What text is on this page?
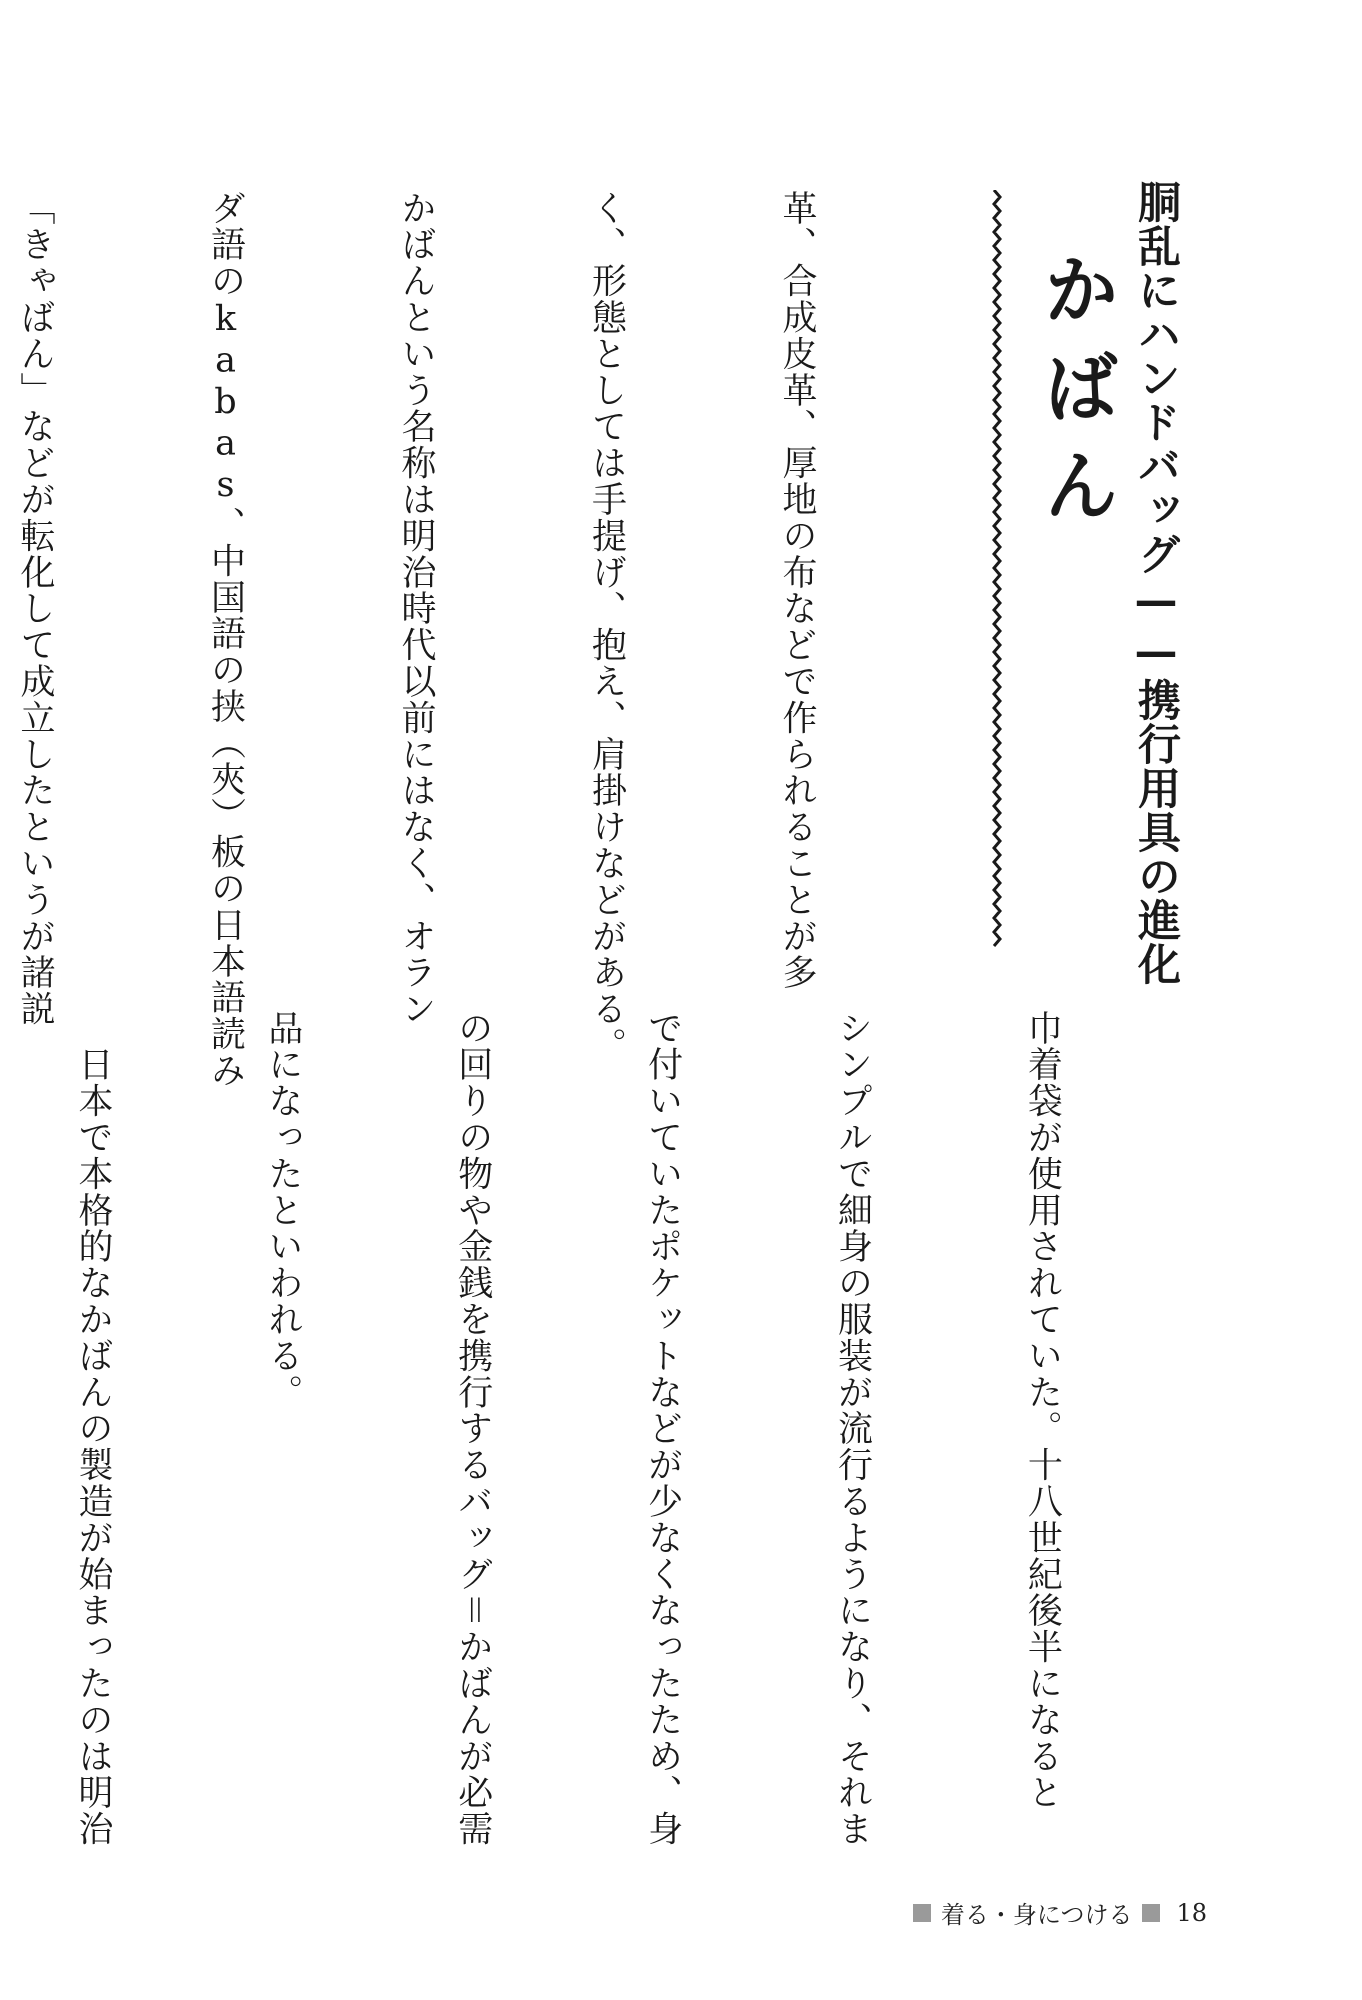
胴乱にハンドバッグ——携行用具の進化
かばん

革、合成皮革、厚地の布などで作られることが多

く、形態としては手提げ、抱え、肩掛けなどがある。

かばんという名称は明治時代以前にはなく、オラン

ダ語のkabas、中国語の挟（夾）板の日本語読み

「きゃばん」などが転化して成立したというが諸説

巾着袋が使用されていた。十八世紀後半になると

シンプルで細身の服装が流行るようになり、それま

で付いていたポケットなどが少なくなったため、身

の回りの物や金銭を携行するバッグ＝かばんが必需

品になったといわれる。

　日本で本格的なかばんの製造が始まったのは明治

着る・身につける 18
